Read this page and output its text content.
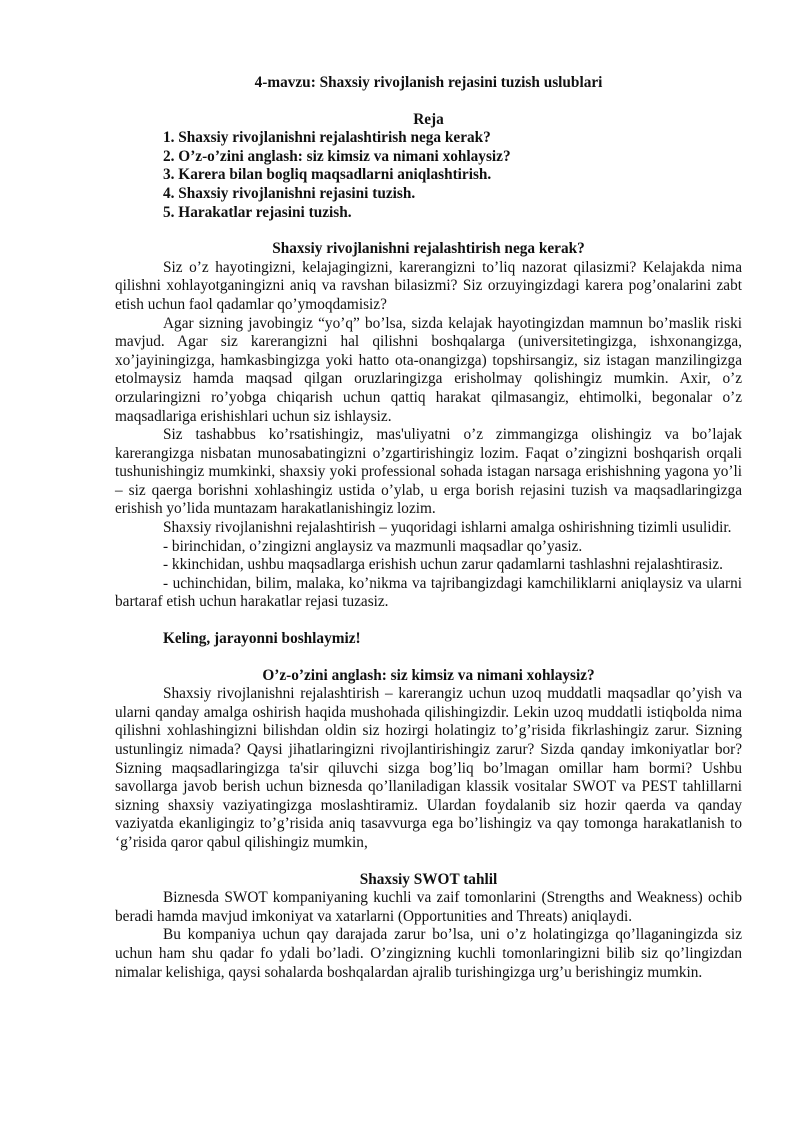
4-mavzu: Shaxsiy rivojlanish rejasini tuzish uslublari
Reja
1. Shaxsiy rivojlanishni rejalashtirish nega kerak?
2. O’z-o’zini anglash: siz kimsiz va nimani xohlaysiz?
3. Karera bilan bogliq maqsadlarni aniqlashtirish.
4. Shaxsiy rivojlanishni rejasini tuzish.
5. Harakatlar rejasini tuzish.
Shaxsiy rivojlanishni rejalashtirish nega kerak?

Siz o’z hayotingizni, kelajagingizni, karerangizni to’liq nazorat qilasizmi? Kelajakda nima qilishni xohlayotganingizni aniq va ravshan bilasizmi? Siz orzuyingizdagi karera pog’onalarini zabt etish uchun faol qadamlar qo’ymoqdamisiz?

Agar sizning javobingiz “yo’q” bo’lsa, sizda kelajak hayotingizdan mamnun bo’maslik riski mavjud. Agar siz karerangizni hal qilishni boshqalarga (universitetingizga, ishxonangizga, xo’jayiningizga, hamkasbingizga yoki hatto ota-onangizga) topshirsangiz, siz istagan manzilingizga etolmaysiz hamda maqsad qilgan oruzlaringizga erisholmay qolishingiz mumkin. Axir, o’z orzularingizni ro’yobga chiqarish uchun qattiq harakat qilmasangiz, ehtimolki, begonalar o’z maqsadlariga erishishlari uchun siz ishlaysiz.

Siz tashabbus ko’rsatishingiz, mas'uliyatni o’z zimmangizga olishingiz va bo’lajak karerangizga nisbatan munosabatingizni o’zgartirishingiz lozim. Faqat o’zingizni boshqarish orqali tushunishingiz mumkinki, shaxsiy yoki professional sohada istagan narsaga erishishning yagona yo’li – siz qaerga borishni xohlashingiz ustida o’ylab, u erga borish rejasini tuzish va maqsadlaringizga erishish yo’lida muntazam harakatlanishingiz lozim.

Shaxsiy rivojlanishni rejalashtirish – yuqoridagi ishlarni amalga oshirishning tizimli usulidir.

- birinchidan, o’zingizni anglaysiz va mazmunli maqsadlar qo’yasiz.

- kkinchidan, ushbu maqsadlarga erishish uchun zarur qadamlarni tashlashni rejalashtirasiz.

- uchinchidan, bilim, malaka, ko’nikma va tajribangizdagi kamchiliklarni aniqlaysiz va ularni bartaraf etish uchun harakatlar rejasi tuzasiz.

Keling, jarayonni boshlaymiz!
O’z-o’zini anglash: siz kimsiz va nimani xohlaysiz?

Shaxsiy rivojlanishni rejalashtirish – karerangiz uchun uzoq muddatli maqsadlar qo’yish va ularni qanday amalga oshirish haqida mushohada qilishingizdir. Lekin uzoq muddatli istiqbolda nima qilishni xohlashingizni bilishdan oldin siz hozirgi holatingiz to’g’risida fikrlashingiz zarur. Sizning ustunlingiz nimada? Qaysi jihatlaringizni rivojlantirishingiz zarur? Sizda qanday imkoniyatlar bor? Sizning maqsadlaringizga ta'sir qiluvchi sizga bog’liq bo’lmagan omillar ham bormi? Ushbu savollarga javob berish uchun biznesda qo’llaniladigan klassik vositalar SWOT va PEST tahlillarni sizning shaxsiy vaziyatingizga moslashtiramiz. Ulardan foydalanib siz hozir qaerda va qanday vaziyatda ekanligingiz to’g’risida aniq tasavvurga ega bo’lishingiz va qay tomonga harakatlanish to ‘g’risida qaror qabul qilishingiz mumkin,

Shaxsiy SWOT tahlil

Biznesda SWOT kompaniyaning kuchli va zaif tomonlarini (Strengths and Weakness) ochib beradi hamda mavjud imkoniyat va xatarlarni (Opportunities and Threats) aniqlaydi.

Bu kompaniya uchun qay darajada zarur bo’lsa, uni o’z holatingizga qo’llaganingizda siz uchun ham shu qadar fo ydali bo’ladi. O’zingizning kuchli tomonlaringizni bilib siz qo’lingizdan nimalar kelishiga, qaysi sohalarda boshqalardan ajralib turishingizga urg’u berishingiz mumkin.
